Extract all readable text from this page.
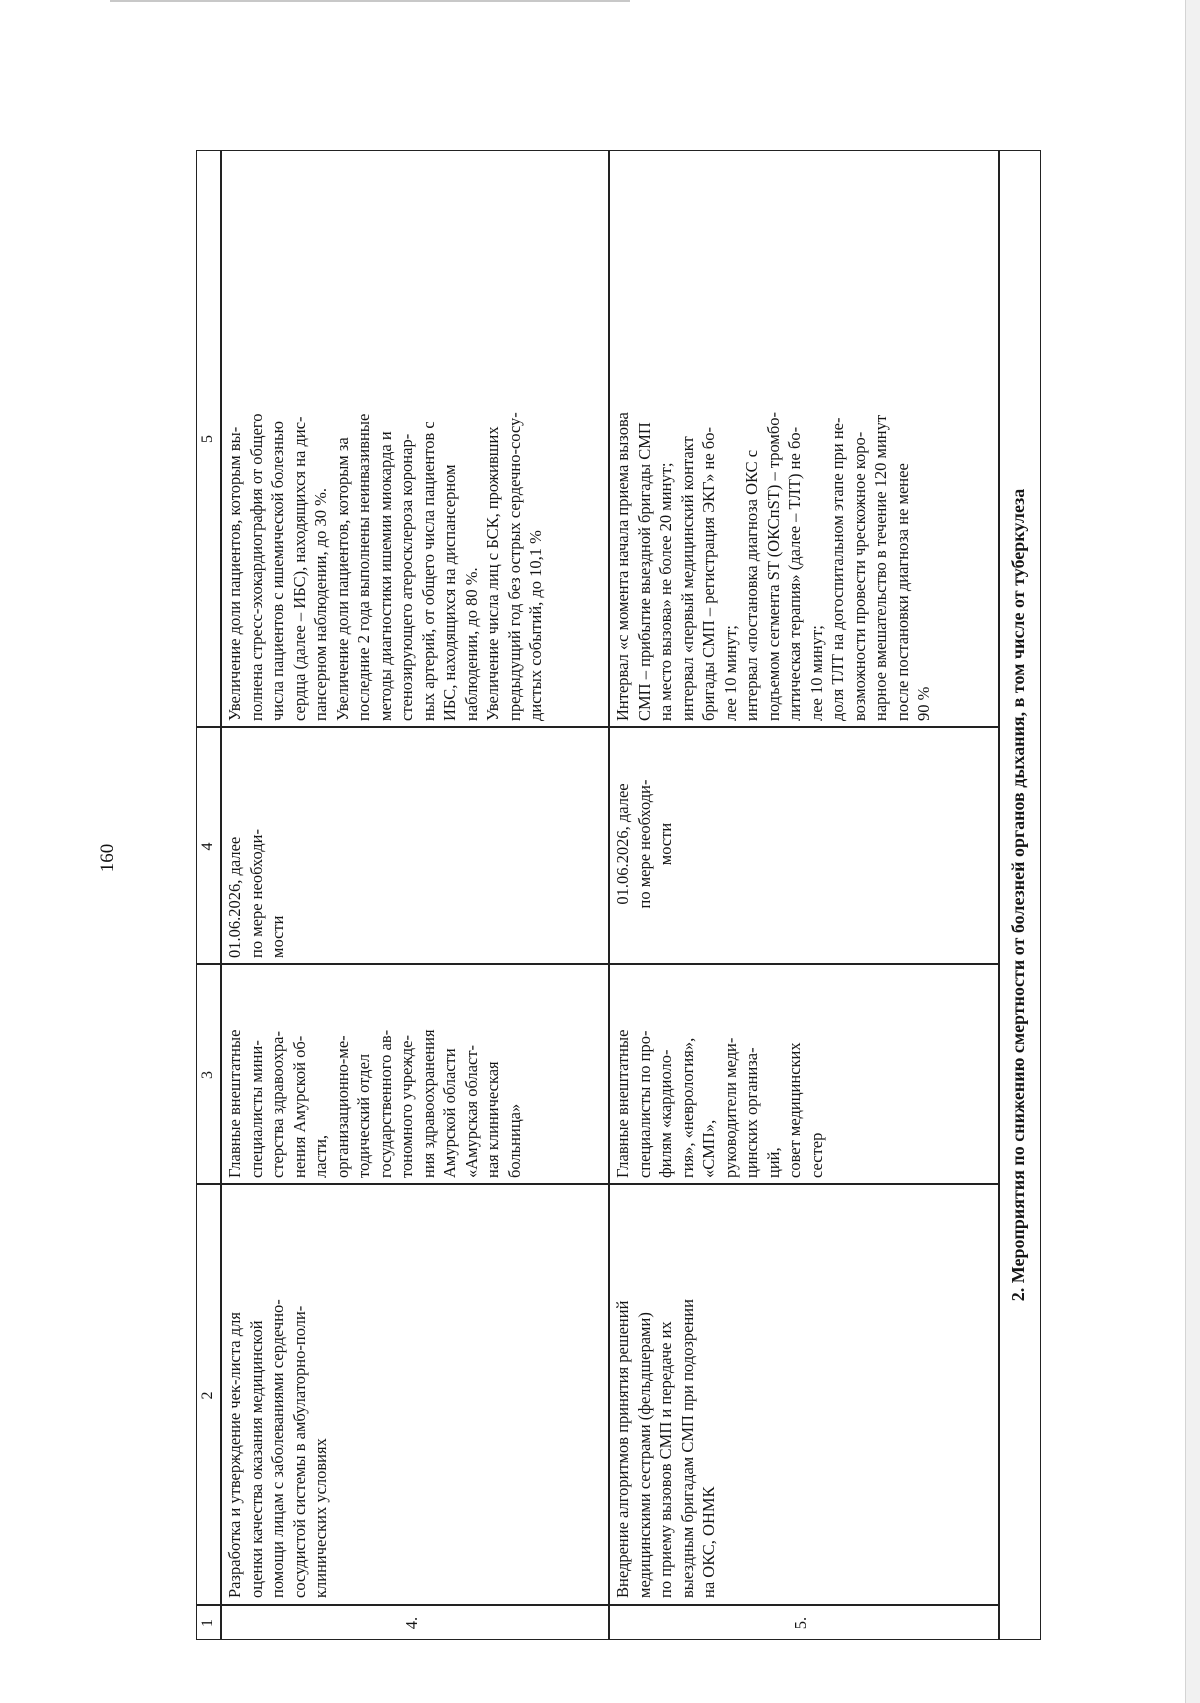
160
1
2
3
4
5
4.
Разработка и утверждение чек-листа для
оценки качества оказания медицинской
помощи лицам с заболеваниями сердечно-
сосудистой системы в амбулаторно-поли-
клинических условиях
Главные внештатные
специалисты мини-
стерства здравоохра-
нения Амурской об-
ласти,
организационно-ме-
тодический отдел
государственного ав-
тономного учрежде-
ния здравоохранения
Амурской области
«Амурская област-
ная клиническая
больница»
01.06.2026, далее
по мере необходи-
мости
Увеличение доли пациентов, которым вы-
полнена стресс-эхокардиография от общего
числа пациентов с ишемической болезнью
сердца (далее – ИБС), находящихся на дис-
пансерном наблюдении, до 30 %.
Увеличение доли пациентов, которым за
последние 2 года выполнены неинвазивные
методы диагностики ишемии миокарда и
стенозирующего атеросклероза коронар-
ных артерий, от общего числа пациентов с
ИБС, находящихся на диспансерном
наблюдении, до 80 %.
Увеличение числа лиц с БСК, проживших
предыдущий год без острых сердечно-сосу-
дистых событий, до 10,1 %
5.
Внедрение алгоритмов принятия решений
медицинскими сестрами (фельдшерами)
по приему вызовов СМП и передаче их
выездным бригадам СМП при подозрении
на ОКС, ОНМК
Главные внештатные
специалисты по про-
филям «кардиоло-
гия», «неврология»,
«СМП»,
руководители меди-
цинских организа-
ций,
совет медицинских
сестер
01.06.2026, далее
по мере необходи-
мости
Интервал «с момента начала приема вызова
СМП – прибытие выездной бригады СМП
на место вызова» не более 20 минут;
интервал «первый медицинский контакт
бригады СМП – регистрация ЭКГ» не бо-
лее 10 минут;
интервал «постановка диагноза ОКС с
подъемом сегмента ST (ОКСпST) – тромбо-
литическая терапия» (далее – ТЛТ) не бо-
лее 10 минут;
доля ТЛТ на догоспитальном этапе при не-
возможности провести чрескожное коро-
нарное вмешательство в течение 120 минут
после постановки диагноза не менее
90 %	2. Мероприятия по снижению смертности от болезней органов дыхания, в том числе от туберкулеза
